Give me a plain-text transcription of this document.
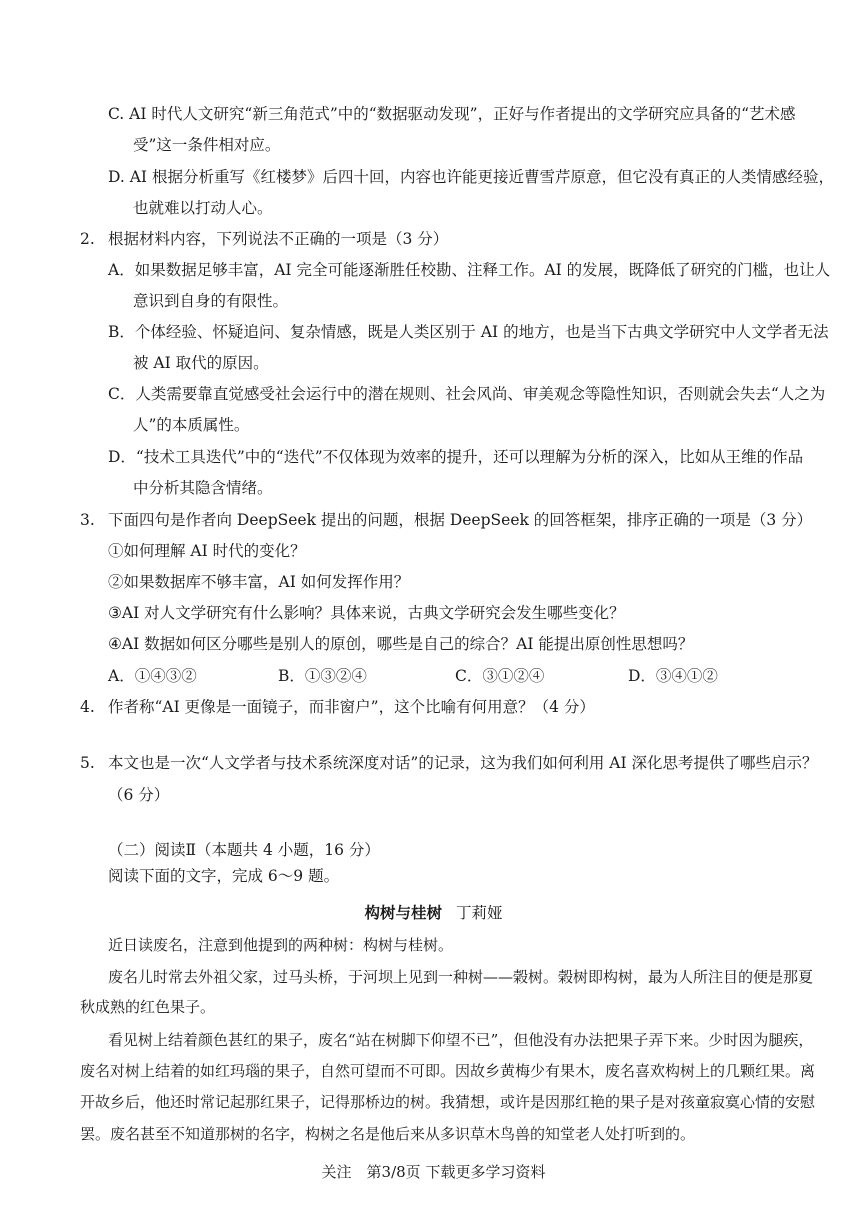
C. AI 时代人文研究“新三角范式”中的“数据驱动发现”，正好与作者提出的文学研究应具备的“艺术感
受”这一条件相对应。
D. AI 根据分析重写《红楼梦》后四十回，内容也许能更接近曹雪芹原意，但它没有真正的人类情感经验，
也就难以打动人心。
2. 根据材料内容，下列说法不正确的一项是（3 分）
A．如果数据足够丰富，AI 完全可能逐渐胜任校勘、注释工作。AI 的发展，既降低了研究的门槛，也让人
意识到自身的有限性。
B．个体经验、怀疑追问、复杂情感，既是人类区别于 AI 的地方，也是当下古典文学研究中人文学者无法
被 AI 取代的原因。
C．人类需要靠直觉感受社会运行中的潜在规则、社会风尚、审美观念等隐性知识，否则就会失去“人之为
人”的本质属性。
D．“技术工具迭代”中的“迭代”不仅体现为效率的提升，还可以理解为分析的深入，比如从王维的作品
中分析其隐含情绪。
3. 下面四句是作者向 DeepSeek 提出的问题，根据 DeepSeek 的回答框架，排序正确的一项是（3 分）
①如何理解 AI 时代的变化？
②如果数据库不够丰富，AI 如何发挥作用？
③AI 对人文学研究有什么影响？具体来说，古典文学研究会发生哪些变化？
④AI 数据如何区分哪些是别人的原创，哪些是自己的综合？AI 能提出原创性思想吗？
A．①④③②	B．①③②④	C．③①②④	D．③④①②
4. 作者称“AI 更像是一面镜子，而非窗户”，这个比喻有何用意？（4 分）
5. 本文也是一次“人文学者与技术系统深度对话”的记录，这为我们如何利用 AI 深化思考提供了哪些启示？
（6 分）
（二）阅读Ⅱ（本题共 4 小题，16 分）
阅读下面的文字，完成 6～9 题。
构树与桂树 丁莉娅
近日读废名，注意到他提到的两种树：构树与桂树。
废名儿时常去外祖父家，过马头桥，于河坝上见到一种树——榖树。榖树即构树，最为人所注目的便是那夏
秋成熟的红色果子。
看见树上结着颜色甚红的果子，废名“站在树脚下仰望不已”，但他没有办法把果子弄下来。少时因为腿疾，
废名对树上结着的如红玛瑙的果子，自然可望而不可即。因故乡黄梅少有果木，废名喜欢构树上的几颗红果。离
开故乡后，他还时常记起那红果子，记得那桥边的树。我猜想，或许是因那红艳的果子是对孩童寂寞心情的安慰
罢。废名甚至不知道那树的名字，构树之名是他后来从多识草木鸟兽的知堂老人处打听到的。
关注　第3/8页 下载更多学习资料
